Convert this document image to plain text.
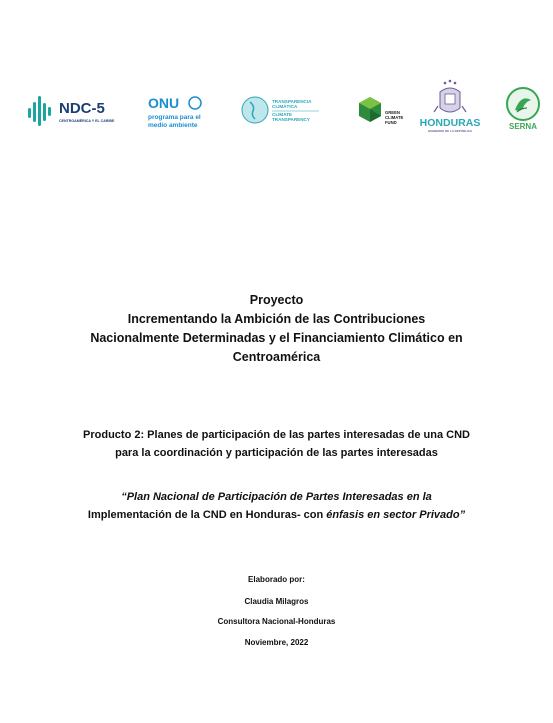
NDC-5
CENTROAMÉRICA Y EL CARIBE
ONU
programa para el
medio ambiente
TRANSPARENCIA
CLIMÁTICA
CLIMATE
TRANSPARENCY
GREEN
CLIMATE
FUND HONDURAS
GOBIERNO DE LA REPÚBLICA	SERNA
Proyecto
Incrementando la Ambición de las Contribuciones
Nacionalmente Determinadas y el Financiamiento Climático en
Centroamérica
Producto 2: Planes de participación de las partes interesadas de una CND
para la coordinación y participación de las partes interesadas
“Plan Nacional de Participación de Partes Interesadas en la
Implementación de la CND en Honduras- con énfasis en sector Privado”
Elaborado por:
Claudia Milagros
Consultora Nacional-Honduras
Noviembre, 2022
